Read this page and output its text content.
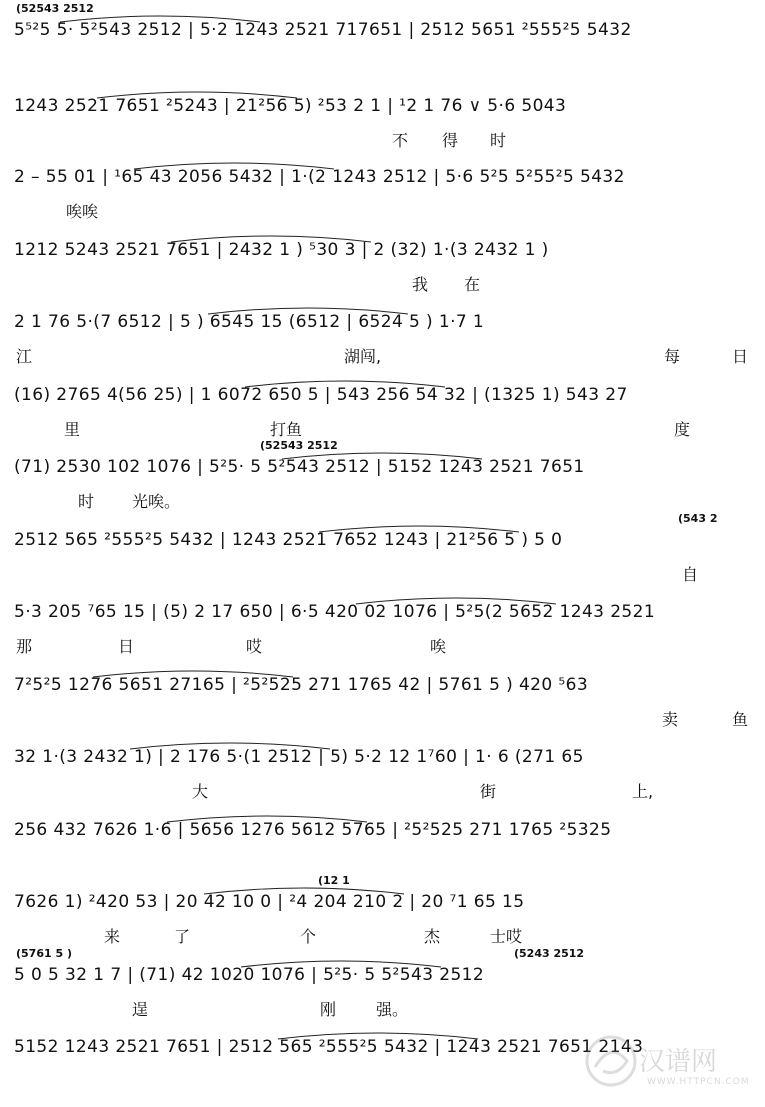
5⁵²5 5· 5²543 2512 | 5·2 1243 2521 717651 | 2512 5651 ²555²5 5432
(52543 2512
1243 2521 7651 ²5243 | 21²56 5) ²53 2 1 | ¹2 1 76 ∨ 5·6 5043
不 得 时
2 – 55 01 | ¹65 43 2056 5432 | 1·(2 1243 2512 | 5·6 5²5 5²55²5 5432
唉唉
1212 5243 2521 7651 | 2432 1 ) ⁵30 3 | 2 (32) 1·(3 2432 1 )
我 在
2 1 76 5·(7 6512 | 5 ) 6545 15 (6512 | 6524 5 ) 1·7 1
江	湖闯,	每	日
(16) 2765 4(56 25) | 1 6072 650 5 | 543 256 54 32 | (1325 1) 543 27
里	打鱼	度
(71) 2530 102 1076 | 5²5· 5 5²543 2512 | 5152 1243 2521 7651
(52543 2512
时 光唉。
2512 565 ²555²5 5432 | 1243 2521 7652 1243 | 21²56 5 ) 5 0
(543 2
自
5·3 205 ⁷65 15 | (5) 2 17 650 | 6·5 420 02 1076 | 5²5(2 5652 1243 2521
那	日	哎	唉
7²5²5 1276 5651 27165 | ²5²525 271 1765 42 | 5761 5 ) 420 ⁵63
卖	鱼
32 1·(3 2432 1) | 2 176 5·(1 2512 | 5) 5·2 12 1⁷60 | 1· 6 (271 65
大	街	上,
256 432 7626 1·6 | 5656 1276 5612 5765 | ²5²525 271 1765 ²5325
7626 1) ²420 53 | 20 42 10 0 | ²4 204 210 2 | 20 ⁷1 65 15
(12 1
来	了	个	杰	士哎
5 0 5 32 1 7 | (71) 42 1020 1076 | 5²5· 5 5²543 2512
(5761 5 )	(5243 2512
逞	刚 强。
5152 1243 2521 7651 | 2512 565 ²555²5 5432 | 1243 2521 7651 2143
汉谱网
WWW.HTTPCN.COM
